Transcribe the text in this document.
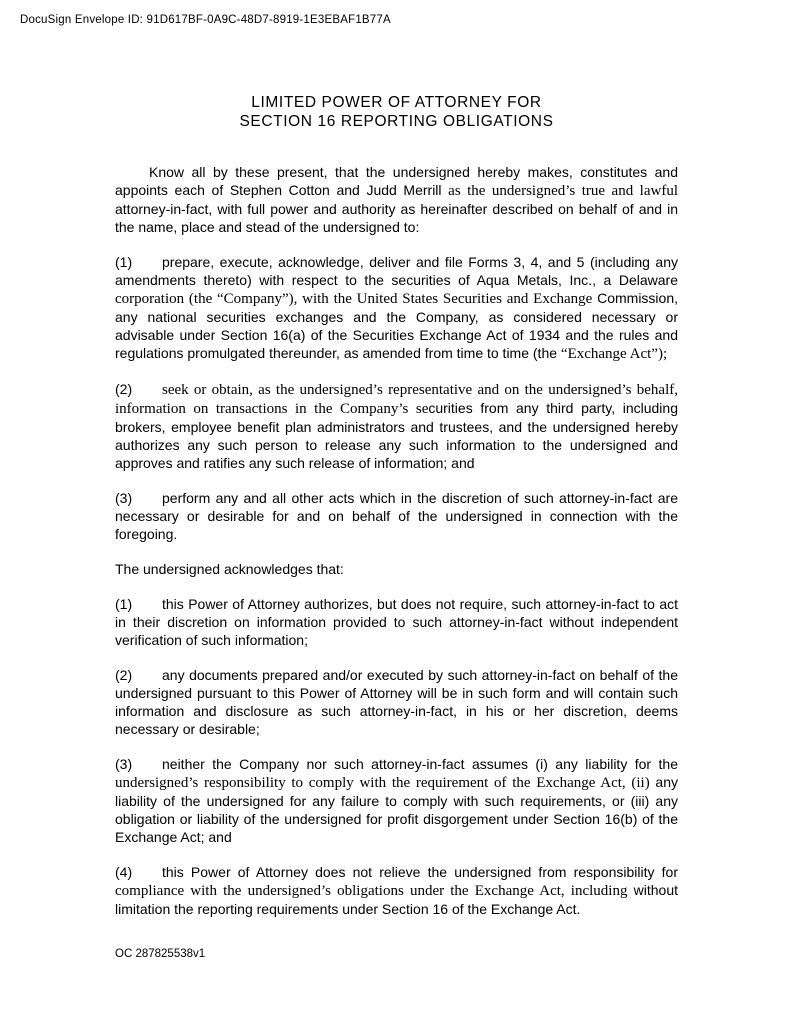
DocuSign Envelope ID: 91D617BF-0A9C-48D7-8919-1E3EBAF1B77A
LIMITED POWER OF ATTORNEY FOR
SECTION 16 REPORTING OBLIGATIONS

Know all by these present, that the undersigned hereby makes, constitutes and appoints each of Stephen Cotton and Judd Merrill as the undersigned’s true and lawful attorney-in-fact, with full power and authority as hereinafter described on behalf of and in the name, place and stead of the undersigned to:

(1) prepare, execute, acknowledge, deliver and file Forms 3, 4, and 5 (including any amendments thereto) with respect to the securities of Aqua Metals, Inc., a Delaware corporation (the “Company”), with the United States Securities and Exchange Commission, any national securities exchanges and the Company, as considered necessary or advisable under Section 16(a) of the Securities Exchange Act of 1934 and the rules and regulations promulgated thereunder, as amended from time to time (the “Exchange Act”);

(2) seek or obtain, as the undersigned’s representative and on the undersigned’s behalf, information on transactions in the Company’s securities from any third party, including brokers, employee benefit plan administrators and trustees, and the undersigned hereby authorizes any such person to release any such information to the undersigned and approves and ratifies any such release of information; and

(3) perform any and all other acts which in the discretion of such attorney-in-fact are necessary or desirable for and on behalf of the undersigned in connection with the foregoing.

The undersigned acknowledges that:

(1) this Power of Attorney authorizes, but does not require, such attorney-in-fact to act in their discretion on information provided to such attorney-in-fact without independent verification of such information;

(2) any documents prepared and/or executed by such attorney-in-fact on behalf of the undersigned pursuant to this Power of Attorney will be in such form and will contain such information and disclosure as such attorney-in-fact, in his or her discretion, deems necessary or desirable;

(3) neither the Company nor such attorney-in-fact assumes (i) any liability for the undersigned’s responsibility to comply with the requirement of the Exchange Act, (ii) any liability of the undersigned for any failure to comply with such requirements, or (iii) any obligation or liability of the undersigned for profit disgorgement under Section 16(b) of the Exchange Act; and

(4) this Power of Attorney does not relieve the undersigned from responsibility for compliance with the undersigned’s obligations under the Exchange Act, including without limitation the reporting requirements under Section 16 of the Exchange Act.

OC 287825538v1
